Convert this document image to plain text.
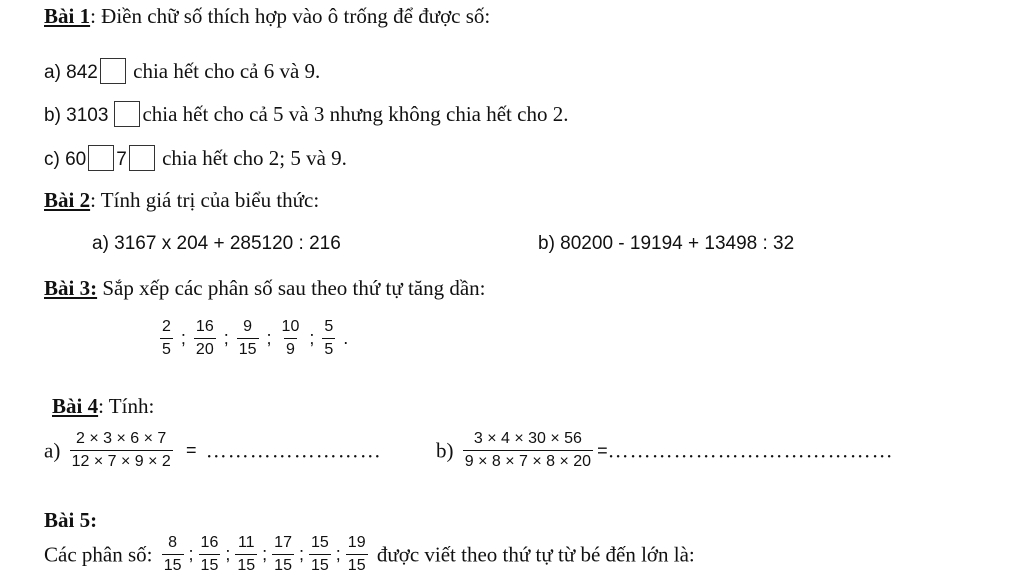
Bài 1: Điền chữ số thích hợp vào ô trống để được số:
a) 842 chia hết cho cả 6 và 9.
b) 3103 chia hết cho cả 5 và 3 nhưng không chia hết cho 2.
c) 60 7 chia hết cho 2; 5 và 9.
Bài 2: Tính giá trị của biểu thức:
a) 3167 x 204 + 285120 : 216	b) 80200 - 19194 + 13498 : 32
Bài 3: Sắp xếp các phân số sau theo thứ tự tăng dần:
$\frac{2}{5}$ ; $\frac{16}{20}$ ; $\frac{9}{15}$ ; $\frac{10}{9}$ ; $\frac{5}{5}$ .
Bài 4: Tính:
$a) \frac{2 \times 3 \times 6 \times 7}{12 \times 7 \times 9 \times 2}$ = ……………………	$b) \frac{3 \times 4 \times 30 \times 56}{9 \times 8 \times 7 \times 8 \times 20}$ =…………………………………
Bài 5:
Các phân số: $\frac{8}{15}$ ; $\frac{16}{15}$ ; $\frac{11}{15}$ ; $\frac{17}{15}$ ; $\frac{15}{15}$ ; $\frac{19}{15}$ được viết theo thứ tự từ bé đến lớn là:
